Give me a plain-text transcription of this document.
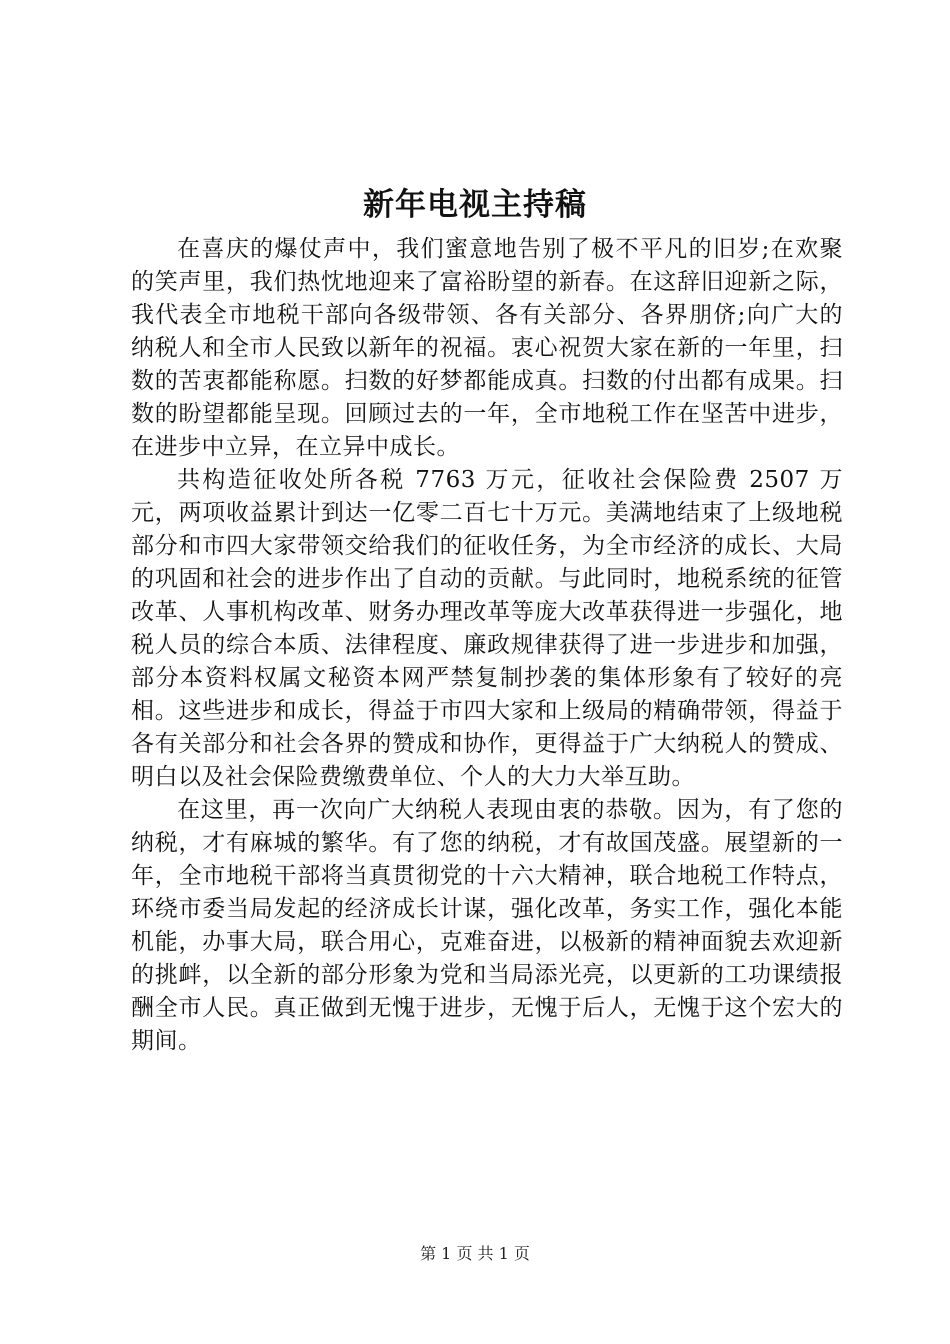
新年电视主持稿

在喜庆的爆仗声中，我们蜜意地告别了极不平凡的旧岁;在欢聚的笑声里，我们热忱地迎来了富裕盼望的新春。在这辞旧迎新之际，我代表全市地税干部向各级带领、各有关部分、各界朋侪;向广大的纳税人和全市人民致以新年的祝福。衷心祝贺大家在新的一年里，扫数的苦衷都能称愿。扫数的好梦都能成真。扫数的付出都有成果。扫数的盼望都能呈现。回顾过去的一年，全市地税工作在坚苦中进步，在进步中立异，在立异中成长。

共构造征收处所各税 7763 万元，征收社会保险费 2507 万元，两项收益累计到达一亿零二百七十万元。美满地结束了上级地税部分和市四大家带领交给我们的征收任务，为全市经济的成长、大局的巩固和社会的进步作出了自动的贡献。与此同时，地税系统的征管改革、人事机构改革、财务办理改革等庞大改革获得进一步强化，地税人员的综合本质、法律程度、廉政规律获得了进一步进步和加强，部分本资料权属文秘资本网严禁复制抄袭的集体形象有了较好的亮相。这些进步和成长，得益于市四大家和上级局的精确带领，得益于各有关部分和社会各界的赞成和协作，更得益于广大纳税人的赞成、明白以及社会保险费缴费单位、个人的大力大举互助。

在这里，再一次向广大纳税人表现由衷的恭敬。因为，有了您的纳税，才有麻城的繁华。有了您的纳税，才有故国茂盛。展望新的一年，全市地税干部将当真贯彻党的十六大精神，联合地税工作特点，环绕市委当局发起的经济成长计谋，强化改革，务实工作，强化本能机能，办事大局，联合用心，克难奋进，以极新的精神面貌去欢迎新的挑衅，以全新的部分形象为党和当局添光亮，以更新的工功课绩报酬全市人民。真正做到无愧于进步，无愧于后人，无愧于这个宏大的期间。

第 1 页 共 1 页
